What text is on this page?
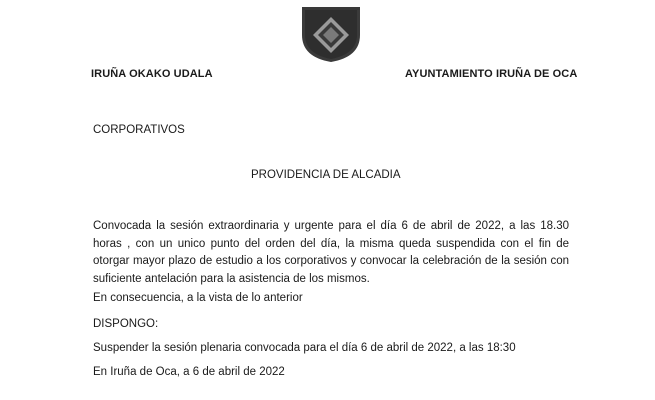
IRUÑA OKAKO UDALA	AYUNTAMIENTO IRUÑA DE OCA
CORPORATIVOS
PROVIDENCIA DE ALCADIA
Convocada la sesión extraordinaria y urgente para el día 6 de abril de 2022, a las 18.30 horas , con un unico punto del orden del día, la misma queda suspendida con el fin de otorgar mayor plazo de estudio a los corporativos y convocar la celebración de la sesión con suficiente antelación para la asistencia de los mismos.
En consecuencia, a la vista de lo anterior
DISPONGO:
Suspender la sesión plenaria convocada para el día 6 de abril de 2022, a las 18:30
En Iruña de Oca, a 6 de abril de 2022
